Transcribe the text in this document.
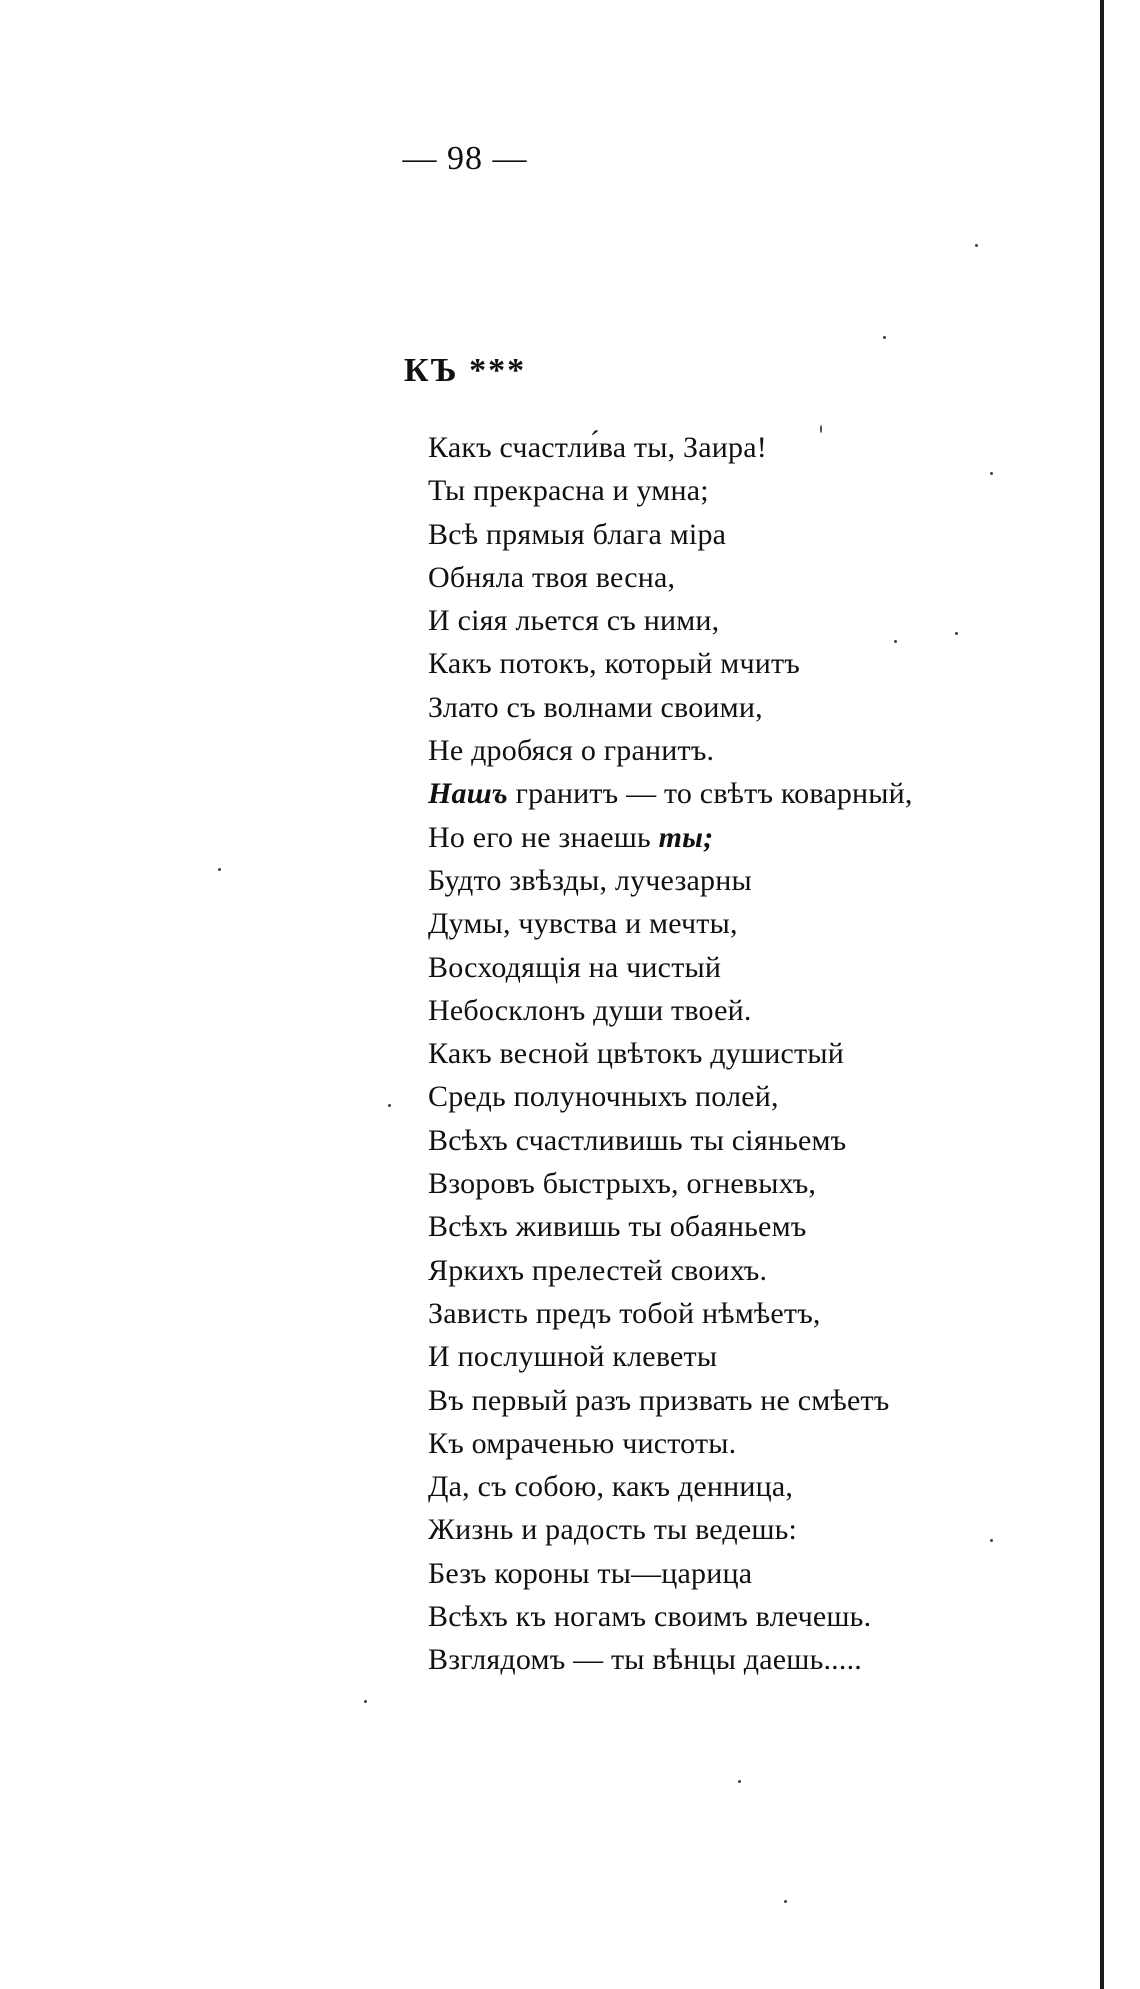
— 98 —
КЪ ***
Какъ счастли́ва ты, Заира!
Ты прекрасна и умна;
Всѣ прямыя блага міра
Обняла твоя весна,
И сіяя льется съ ними,
Какъ потокъ, который мчитъ
Злато съ волнами своими,
Не дробяся о гранитъ.
Нашъ гранитъ — то свѣтъ коварный,
Но его не знаешь ты;
Будто звѣзды, лучезарны
Думы, чувства и мечты,
Восходящія на чистый
Небосклонъ души твоей.
Какъ весной цвѣтокъ душистый
Средь полуночныхъ полей,
Всѣхъ счастливишь ты сіяньемъ
Взоровъ быстрыхъ, огневыхъ,
Всѣхъ живишь ты обаяньемъ
Яркихъ прелестей своихъ.
Зависть предъ тобой нѣмѣетъ,
И послушной клеветы
Въ первый разъ призвать не смѣетъ
Къ омраченью чистоты.
Да, съ собою, какъ денница,
Жизнь и радость ты ведешь:
Безъ короны ты—царица
Всѣхъ къ ногамъ своимъ влечешь.
Взглядомъ — ты вѣнцы даешь.....
